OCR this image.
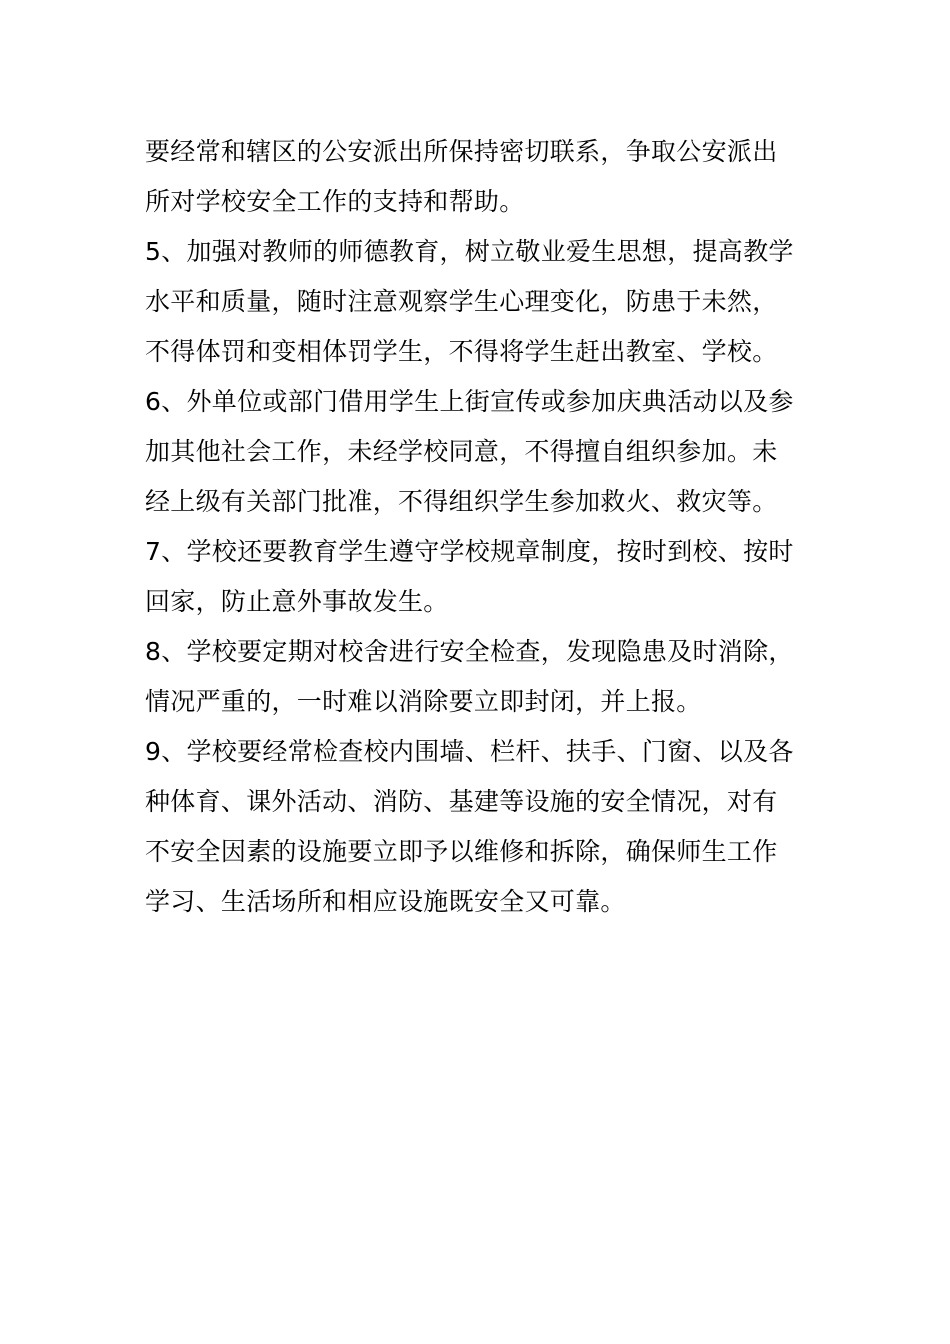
要经常和辖区的公安派出所保持密切联系，争取公安派出
所对学校安全工作的支持和帮助。
5、加强对教师的师德教育，树立敬业爱生思想，提高教学
水平和质量，随时注意观察学生心理变化，防患于未然，
不得体罚和变相体罚学生，不得将学生赶出教室、学校。
6、外单位或部门借用学生上街宣传或参加庆典活动以及参
加其他社会工作，未经学校同意，不得擅自组织参加。未
经上级有关部门批准，不得组织学生参加救火、救灾等。
7、学校还要教育学生遵守学校规章制度，按时到校、按时
回家，防止意外事故发生。
8、学校要定期对校舍进行安全检查，发现隐患及时消除，
情况严重的，一时难以消除要立即封闭，并上报。
9、学校要经常检查校内围墙、栏杆、扶手、门窗、以及各
种体育、课外活动、消防、基建等设施的安全情况，对有
不安全因素的设施要立即予以维修和拆除，确保师生工作
学习、生活场所和相应设施既安全又可靠。
